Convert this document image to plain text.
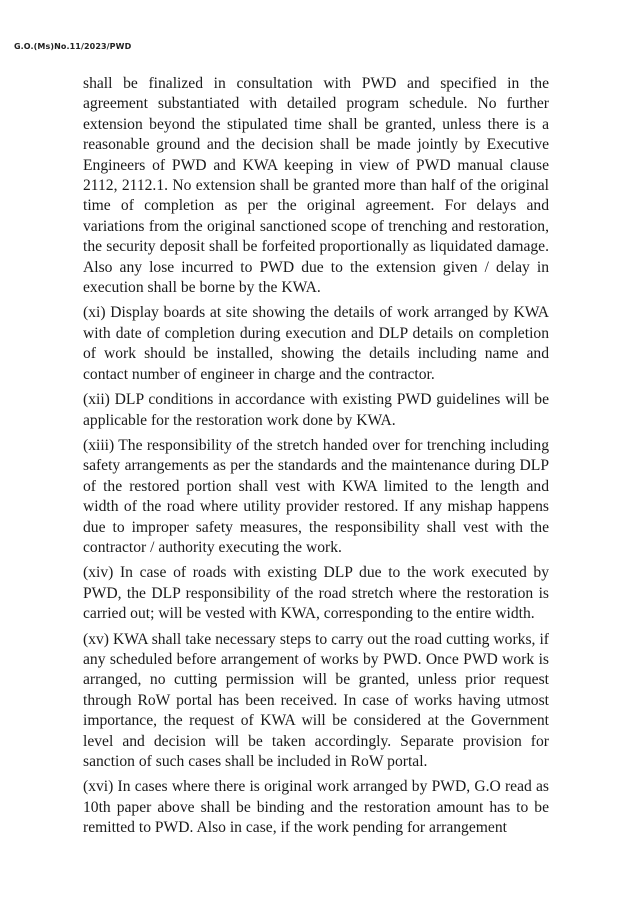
G.O.(Ms)No.11/2023/PWD

shall be finalized in consultation with PWD and specified in the agreement substantiated with detailed program schedule. No further extension beyond the stipulated time shall be granted, unless there is a reasonable ground and the decision shall be made jointly by Executive Engineers of PWD and KWA keeping in view of PWD manual clause 2112, 2112.1. No extension shall be granted more than half of the original time of completion as per the original agreement. For delays and variations from the original sanctioned scope of trenching and restoration, the security deposit shall be forfeited proportionally as liquidated damage. Also any lose incurred to PWD due to the extension given / delay in execution shall be borne by the KWA.

(xi) Display boards at site showing the details of work arranged by KWA with date of completion during execution and DLP details on completion of work should be installed, showing the details including name and contact number of engineer in charge and the contractor.

(xii) DLP conditions in accordance with existing PWD guidelines will be applicable for the restoration work done by KWA.

(xiii) The responsibility of the stretch handed over for trenching including safety arrangements as per the standards and the maintenance during DLP of the restored portion shall vest with KWA limited to the length and width of the road where utility provider restored. If any mishap happens due to improper safety measures, the responsibility shall vest with the contractor / authority executing the work.

(xiv) In case of roads with existing DLP due to the work executed by PWD, the DLP responsibility of the road stretch where the restoration is carried out; will be vested with KWA, corresponding to the entire width.

(xv) KWA shall take necessary steps to carry out the road cutting works, if any scheduled before arrangement of works by PWD. Once PWD work is arranged, no cutting permission will be granted, unless prior request through RoW portal has been received. In case of works having utmost importance, the request of KWA will be considered at the Government level and decision will be taken accordingly. Separate provision for sanction of such cases shall be included in RoW portal.

(xvi) In cases where there is original work arranged by PWD, G.O read as 10th paper above shall be binding and the restoration amount has to be remitted to PWD. Also in case, if the work pending for arrangement
